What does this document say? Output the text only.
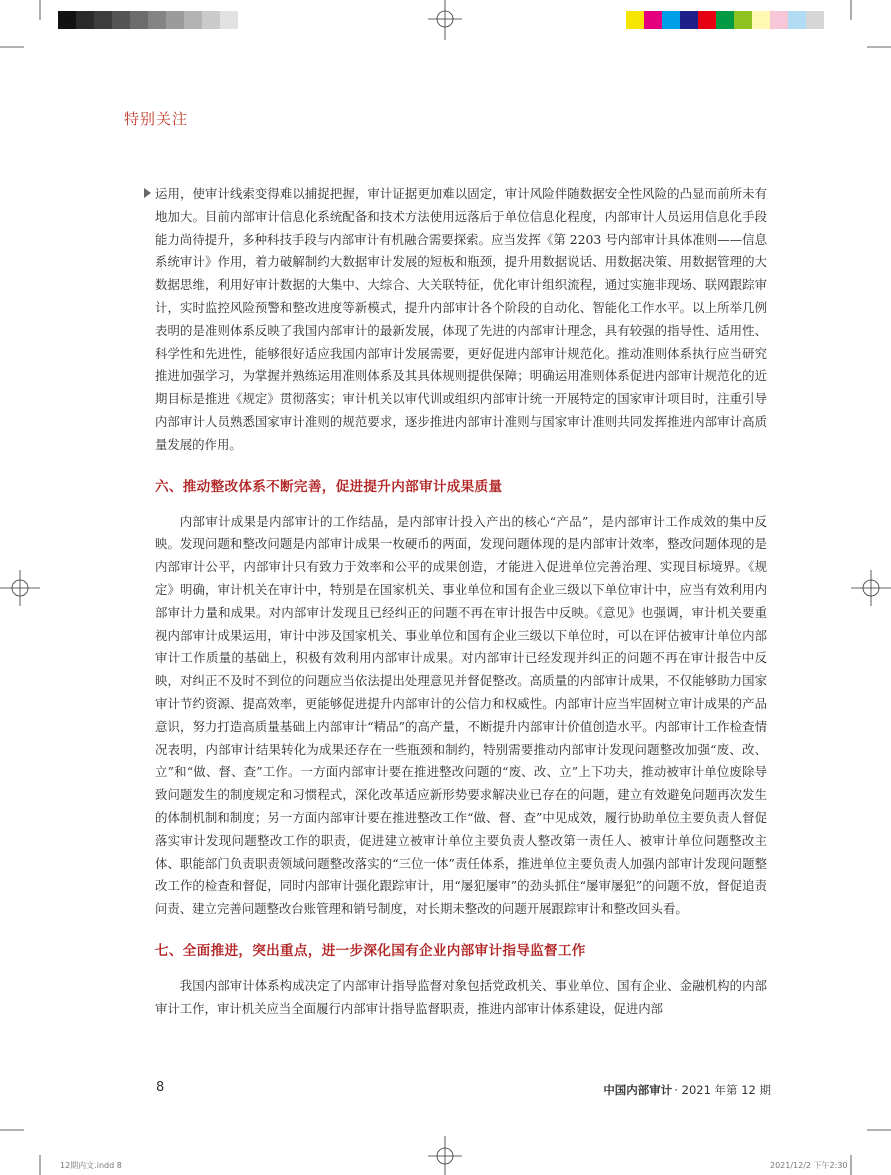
特别关注

运用，使审计线索变得难以捕捉把握，审计证据更加难以固定，审计风险伴随数据安全性风险的凸显而前所未有地加大。目前内部审计信息化系统配备和技术方法使用远落后于单位信息化程度，内部审计人员运用信息化手段能力尚待提升，多种科技手段与内部审计有机融合需要探索。应当发挥《第 2203 号内部审计具体准则——信息系统审计》作用，着力破解制约大数据审计发展的短板和瓶颈，提升用数据说话、用数据决策、用数据管理的大数据思维，利用好审计数据的大集中、大综合、大关联特征，优化审计组织流程，通过实施非现场、联网跟踪审计，实时监控风险预警和整改进度等新模式，提升内部审计各个阶段的自动化、智能化工作水平。以上所举几例表明的是准则体系反映了我国内部审计的最新发展，体现了先进的内部审计理念，具有较强的指导性、适用性、科学性和先进性，能够很好适应我国内部审计发展需要，更好促进内部审计规范化。推动准则体系执行应当研究推进加强学习，为掌握并熟练运用准则体系及其具体规则提供保障；明确运用准则体系促进内部审计规范化的近期目标是推进《规定》贯彻落实；审计机关以审代训或组织内部审计统一开展特定的国家审计项目时，注重引导内部审计人员熟悉国家审计准则的规范要求，逐步推进内部审计准则与国家审计准则共同发挥推进内部审计高质量发展的作用。

六、推动整改体系不断完善，促进提升内部审计成果质量

内部审计成果是内部审计的工作结晶，是内部审计投入产出的核心“产品”，是内部审计工作成效的集中反映。发现问题和整改问题是内部审计成果一枚硬币的两面，发现问题体现的是内部审计效率，整改问题体现的是内部审计公平，内部审计只有致力于效率和公平的成果创造，才能进入促进单位完善治理、实现目标境界。《规定》明确，审计机关在审计中，特别是在国家机关、事业单位和国有企业三级以下单位审计中，应当有效利用内部审计力量和成果。对内部审计发现且已经纠正的问题不再在审计报告中反映。《意见》也强调，审计机关要重视内部审计成果运用，审计中涉及国家机关、事业单位和国有企业三级以下单位时，可以在评估被审计单位内部审计工作质量的基础上，积极有效利用内部审计成果。对内部审计已经发现并纠正的问题不再在审计报告中反映，对纠正不及时不到位的问题应当依法提出处理意见并督促整改。高质量的内部审计成果，不仅能够助力国家审计节约资源、提高效率，更能够促进提升内部审计的公信力和权威性。内部审计应当牢固树立审计成果的产品意识，努力打造高质量基础上内部审计“精品”的高产量，不断提升内部审计价值创造水平。内部审计工作检查情况表明，内部审计结果转化为成果还存在一些瓶颈和制约，特别需要推动内部审计发现问题整改加强“废、改、立”和“做、督、查”工作。一方面内部审计要在推进整改问题的“废、改、立”上下功夫，推动被审计单位废除导致问题发生的制度规定和习惯程式，深化改革适应新形势要求解决业已存在的问题，建立有效避免问题再次发生的体制机制和制度；另一方面内部审计要在推进整改工作“做、督、查”中见成效，履行协助单位主要负责人督促落实审计发现问题整改工作的职责，促进建立被审计单位主要负责人整改第一责任人、被审计单位问题整改主体、职能部门负责职责领域问题整改落实的“三位一体”责任体系，推进单位主要负责人加强内部审计发现问题整改工作的检查和督促，同时内部审计强化跟踪审计，用“屡犯屡审”的劲头抓住“屡审屡犯”的问题不放，督促追责问责、建立完善问题整改台账管理和销号制度，对长期未整改的问题开展跟踪审计和整改回头看。

七、全面推进，突出重点，进一步深化国有企业内部审计指导监督工作

我国内部审计体系构成决定了内部审计指导监督对象包括党政机关、事业单位、国有企业、金融机构的内部审计工作，审计机关应当全面履行内部审计指导监督职责，推进内部审计体系建设，促进内部

8	中国内部审计 · 2021 年第 12 期
12期内文.indd 8	2021/12/2 下午2:30
